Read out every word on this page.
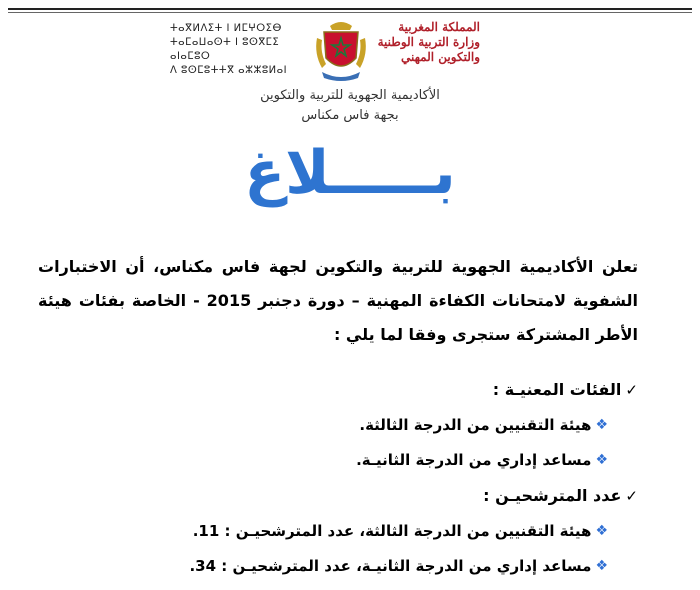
ⵜⴰⴳⵍⴷⵉⵜ ⵏ ⵍⵎⵖⵔⵉⴱ
ⵜⴰⵎⴰⵡⴰⵙⵜ ⵏ ⵓⵙⴳⵎⵉ ⴰⵏⴰⵎⵓⵔ
ⴷ ⵓⵙⵎⵓⵜⵜⴳ ⴰⵣⵣⵓⵍⴰⵏ
المملكة المغربية
وزارة التربية الوطنية
والتكوين المهني
الأكاديمية الجهوية للتربية والتكوين
بجهة فاس مكناس
بـــــلاغ
تعلن الأكاديمية الجهوية للتربية والتكوين لجهة فاس مكناس، أن الاختبارات الشفوية لامتحانات الكفاءة المهنية – دورة دجنبر 2015 - الخاصة بفئات هيئة الأطر المشتركة ستجرى وفقا لما يلي :
✓
الفئات المعنيـة :
❖
هيئة التقنيين من الدرجة الثالثة.
❖
مساعد إداري من الدرجة الثانيـة.
✓
عدد المترشحيـن :
❖
هيئة التقنيين من الدرجة الثالثة، عدد المترشحيـن : 11.
❖
مساعد إداري من الدرجة الثانيـة، عدد المترشحيـن : 34.
